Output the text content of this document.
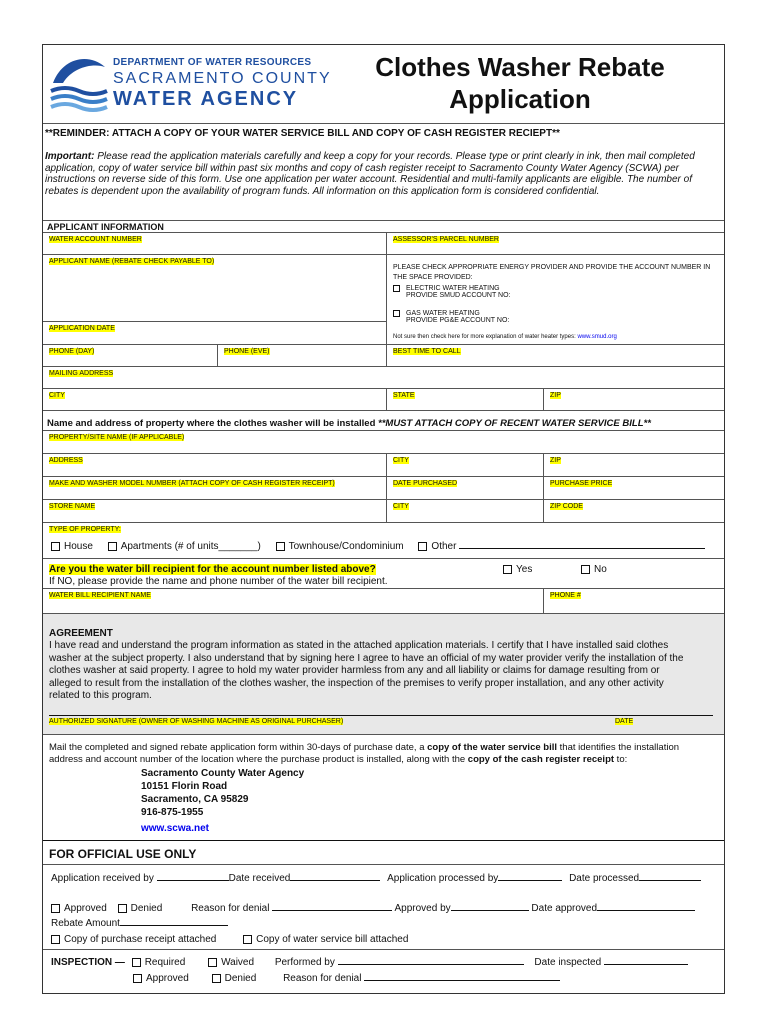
DEPARTMENT OF WATER RESOURCES
SACRAMENTO COUNTY
WATER AGENCY
Clothes Washer Rebate
Application
**REMINDER: ATTACH A COPY OF YOUR WATER SERVICE BILL AND COPY OF CASH REGISTER RECIEPT**
Important: Please read the application materials carefully and keep a copy for your records. Please type or print clearly in ink, then mail completed application, copy of water service bill within past six months and copy of cash register receipt to Sacramento County Water Agency (SCWA) per instructions on reverse side of this form. Use one application per water account. Residential and multi-family applicants are eligible. The number of rebates is dependent upon the availability of program funds. All information on this application form is considered confidential.
APPLICANT INFORMATION
WATER ACCOUNT NUMBER	ASSESSOR'S PARCEL NUMBER
APPLICANT NAME (REBATE CHECK PAYABLE TO)
PLEASE CHECK APPROPRIATE ENERGY PROVIDER AND PROVIDE THE ACCOUNT NUMBER IN THE SPACE PROVIDED:
ELECTRIC WATER HEATING
PROVIDE SMUD ACCOUNT NO:
GAS WATER HEATING
PROVIDE PG&E ACCOUNT NO:
Not sure then check here for more explanation of water heater types: www.smud.org
APPLICATION DATE
PHONE (DAY)	PHONE (EVE)	BEST TIME TO CALL
MAILING ADDRESS
CITY	STATE	ZIP
Name and address of property where the clothes washer will be installed **MUST ATTACH COPY OF RECENT WATER SERVICE BILL**
PROPERTY/SITE NAME (IF APPLICABLE)
ADDRESS	CITY	ZIP
MAKE AND WASHER MODEL NUMBER (ATTACH COPY OF CASH REGISTER RECEIPT)	DATE PURCHASED	PURCHASE PRICE
STORE NAME	CITY	ZIP CODE
TYPE OF PROPERTY:
House	Apartments (# of units_______)	Townhouse/Condominium	Other
Are you the water bill recipient for the account number listed above?	Yes	No
If NO, please provide the name and phone number of the water bill recipient.
WATER BILL RECIPIENT NAME	PHONE #
AGREEMENT
I have read and understand the program information as stated in the attached application materials. I certify that I have installed said clothes washer at the subject property. I also understand that by signing here I agree to have an official of my water provider verify the installation of the clothes washer at said property. I agree to hold my water provider harmless from any and all liability or claims for damage resulting from or alleged to result from the installation of the clothes washer, the inspection of the premises to verify proper installation, and any other activity related to this program.
AUTHORIZED SIGNATURE (OWNER OF WASHING MACHINE AS ORIGINAL PURCHASER)	DATE
Mail the completed and signed rebate application form within 30-days of purchase date, a copy of the water service bill that identifies the installation address and account number of the location where the purchase product is installed, along with the copy of the cash register receipt to:
Sacramento County Water Agency
10151 Florin Road
Sacramento, CA 95829
916-875-1955
www.scwa.net
FOR OFFICIAL USE ONLY
Application received by	Date received	Application processed by	Date processed
Approved Denied	Reason for denial	Approved by	Date approved
Rebate Amount
Copy of purchase receipt attached	Copy of water service bill attached
INSPECTION — Required	Waived Performed by	Date inspected
Approved	Denied	Reason for denial
